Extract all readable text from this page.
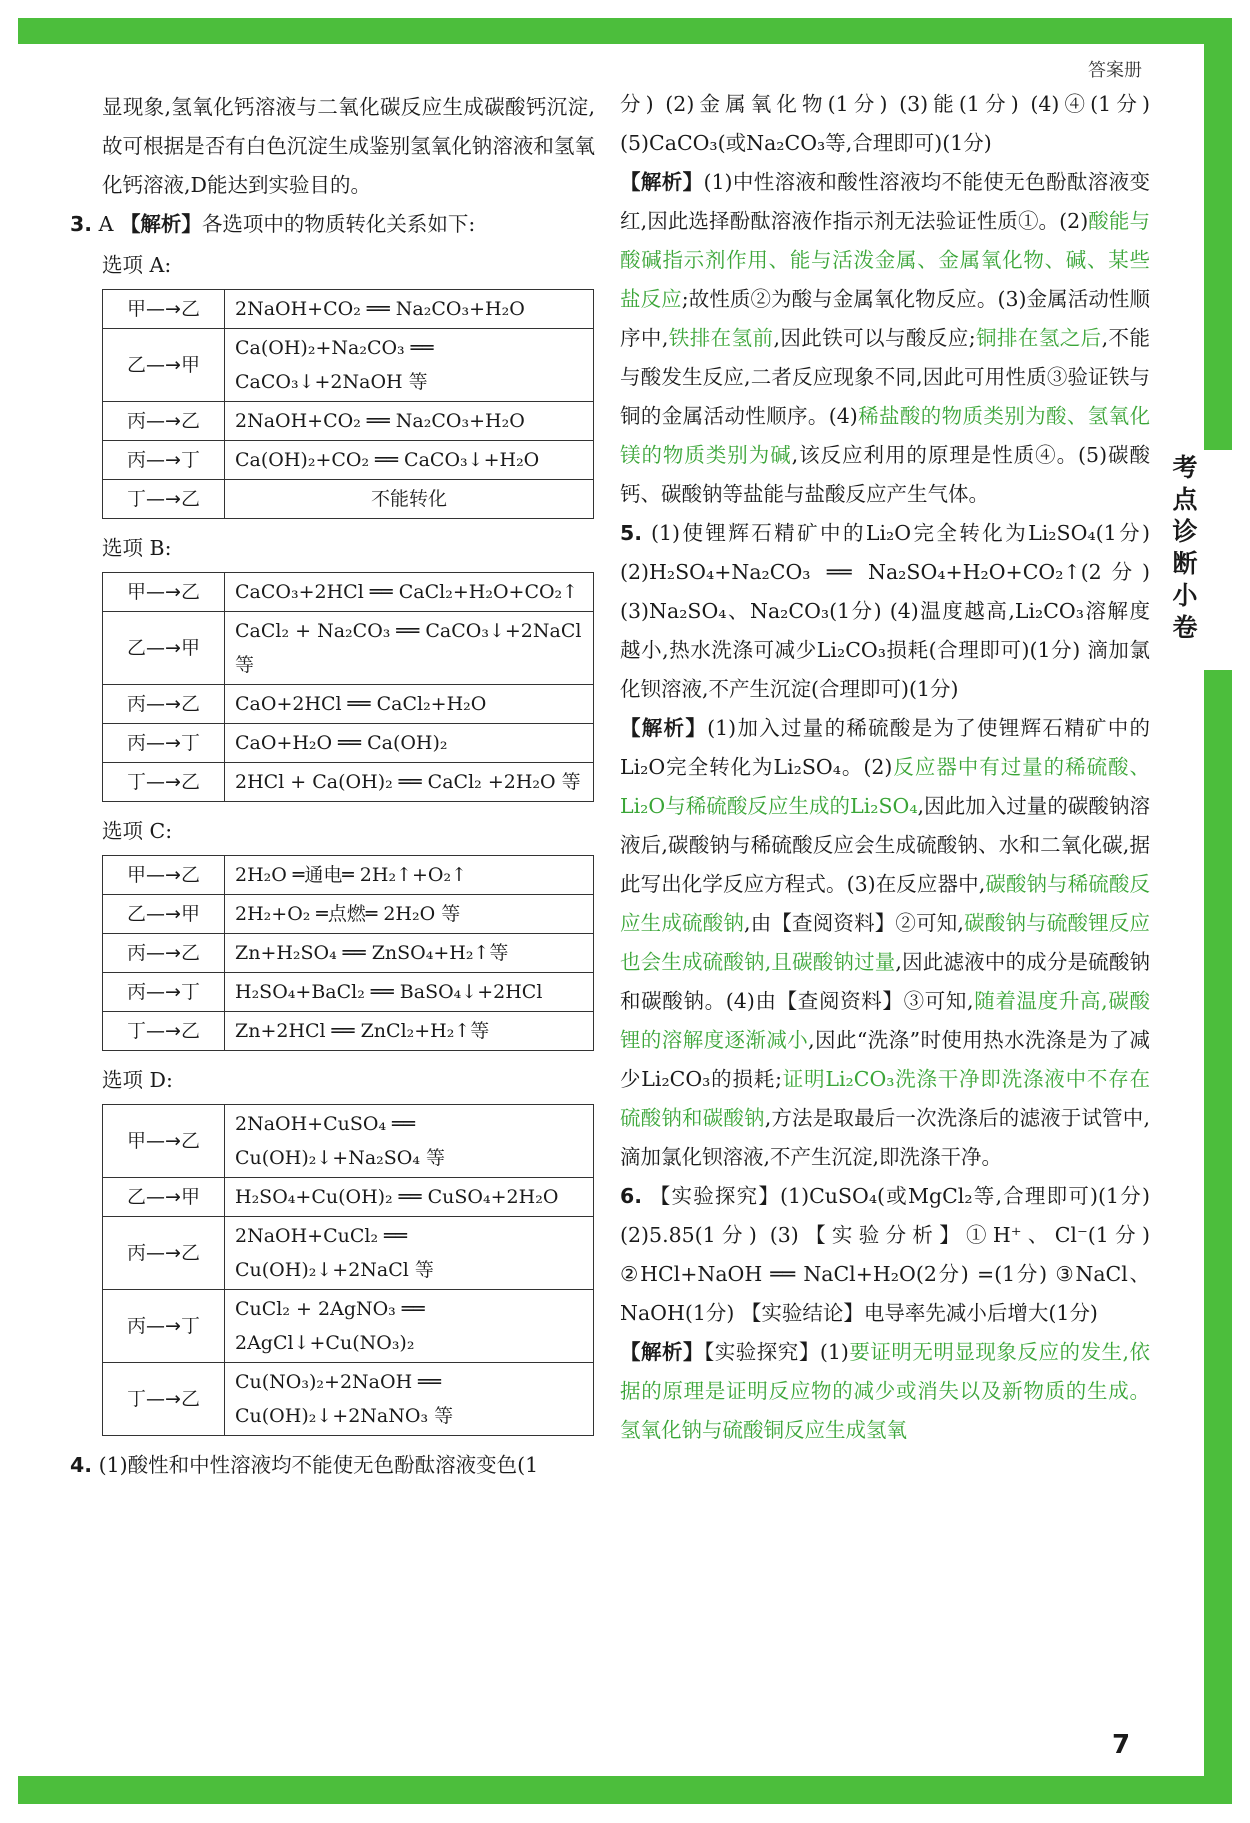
考点诊断小卷
答案册
7

显现象,氢氧化钙溶液与二氧化碳反应生成碳酸钙沉淀,故可根据是否有白色沉淀生成鉴别氢氧化钠溶液和氢氧化钙溶液,D能达到实验目的。

3. A 【解析】各选项中的物质转化关系如下:

选项 A:

甲—→乙	2NaOH+CO₂ ══ Na₂CO₃+H₂O
乙—→甲	Ca(OH)₂+Na₂CO₃ ══ CaCO₃↓+2NaOH 等
丙—→乙	2NaOH+CO₂ ══ Na₂CO₃+H₂O
丙—→丁	Ca(OH)₂+CO₂ ══ CaCO₃↓+H₂O
丁—→乙	不能转化

选项 B:

甲—→乙	CaCO₃+2HCl ══ CaCl₂+H₂O+CO₂↑
乙—→甲	CaCl₂ + Na₂CO₃ ══ CaCO₃↓+2NaCl 等
丙—→乙	CaO+2HCl ══ CaCl₂+H₂O
丙—→丁	CaO+H₂O ══ Ca(OH)₂
丁—→乙	2HCl + Ca(OH)₂ ══ CaCl₂ +2H₂O 等

选项 C:

甲—→乙	2H₂O ═通电═ 2H₂↑+O₂↑
乙—→甲	2H₂+O₂ ═点燃═ 2H₂O 等
丙—→乙	Zn+H₂SO₄ ══ ZnSO₄+H₂↑等
丙—→丁	H₂SO₄+BaCl₂ ══ BaSO₄↓+2HCl
丁—→乙	Zn+2HCl ══ ZnCl₂+H₂↑等

选项 D:

甲—→乙	2NaOH+CuSO₄ ══ Cu(OH)₂↓+Na₂SO₄ 等
乙—→甲	H₂SO₄+Cu(OH)₂ ══ CuSO₄+2H₂O
丙—→乙	2NaOH+CuCl₂ ══ Cu(OH)₂↓+2NaCl 等
丙—→丁	CuCl₂ + 2AgNO₃ ══ 2AgCl↓+Cu(NO₃)₂
丁—→乙	Cu(NO₃)₂+2NaOH ══ Cu(OH)₂↓+2NaNO₃ 等

4. (1)酸性和中性溶液均不能使无色酚酞溶液变色(1

分) (2)金属氧化物(1分) (3)能(1分) (4)④(1分) (5)CaCO₃(或Na₂CO₃等,合理即可)(1分)

【解析】(1)中性溶液和酸性溶液均不能使无色酚酞溶液变红,因此选择酚酞溶液作指示剂无法验证性质①。(2)酸能与酸碱指示剂作用、能与活泼金属、金属氧化物、碱、某些盐反应;故性质②为酸与金属氧化物反应。(3)金属活动性顺序中,铁排在氢前,因此铁可以与酸反应;铜排在氢之后,不能与酸发生反应,二者反应现象不同,因此可用性质③验证铁与铜的金属活动性顺序。(4)稀盐酸的物质类别为酸、氢氧化镁的物质类别为碱,该反应利用的原理是性质④。(5)碳酸钙、碳酸钠等盐能与盐酸反应产生气体。

5. (1)使锂辉石精矿中的Li₂O完全转化为Li₂SO₄(1分) (2)H₂SO₄+Na₂CO₃ ══ Na₂SO₄+H₂O+CO₂↑(2分) (3)Na₂SO₄、Na₂CO₃(1分) (4)温度越高,Li₂CO₃溶解度越小,热水洗涤可减少Li₂CO₃损耗(合理即可)(1分) 滴加氯化钡溶液,不产生沉淀(合理即可)(1分)

【解析】(1)加入过量的稀硫酸是为了使锂辉石精矿中的Li₂O完全转化为Li₂SO₄。(2)反应器中有过量的稀硫酸、Li₂O与稀硫酸反应生成的Li₂SO₄,因此加入过量的碳酸钠溶液后,碳酸钠与稀硫酸反应会生成硫酸钠、水和二氧化碳,据此写出化学反应方程式。(3)在反应器中,碳酸钠与稀硫酸反应生成硫酸钠,由【查阅资料】②可知,碳酸钠与硫酸锂反应也会生成硫酸钠,且碳酸钠过量,因此滤液中的成分是硫酸钠和碳酸钠。(4)由【查阅资料】③可知,随着温度升高,碳酸锂的溶解度逐渐减小,因此“洗涤”时使用热水洗涤是为了减少Li₂CO₃的损耗;证明Li₂CO₃洗涤干净即洗涤液中不存在硫酸钠和碳酸钠,方法是取最后一次洗涤后的滤液于试管中,滴加氯化钡溶液,不产生沉淀,即洗涤干净。

6. 【实验探究】(1)CuSO₄(或MgCl₂等,合理即可)(1分) (2)5.85(1分) (3)【实验分析】①H⁺、Cl⁻(1分) ②HCl+NaOH ══ NaCl+H₂O(2分) =(1分) ③NaCl、NaOH(1分) 【实验结论】电导率先减小后增大(1分)

【解析】【实验探究】(1)要证明无明显现象反应的发生,依据的原理是证明反应物的减少或消失以及新物质的生成。氢氧化钠与硫酸铜反应生成氢氧
